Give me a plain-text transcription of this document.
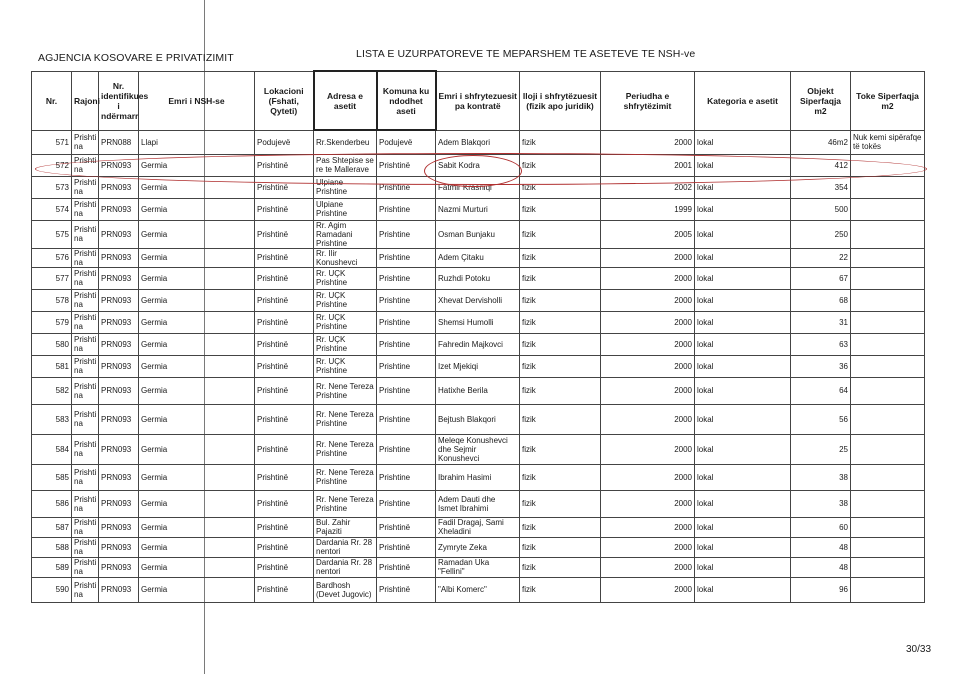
AGJENCIA KOSOVARE E PRIVATIZIMIT	LISTA E UZURPATOREVE TE MEPARSHEM TE ASETEVE TE NSH-ve
Nr.	Rajoni	Nr. identifikues i ndërmarr	Emri i NSH-se	Lokacioni (Fshati, Qyteti)	Adresa e asetit	Komuna ku ndodhet aseti	Emri i shfrytezuesit pa kontratë	lloji i shfrytëzuesit (fizik apo juridik)	Periudha e shfrytëzimit	Kategoria e asetit	Objekt Siperfaqja m2	Toke Siperfaqja m2
571	Prishti na	PRN088	Llapi	Podujevë	Rr.Skenderbeu	Podujevë	Adem Blakqori	fizik	2000	lokal	46m2	Nuk kemi sipërafqe të tokës
572	Prishti na	PRN093	Germia	Prishtinë	Pas Shtepise se re te Mallerave	Prishtinë	Sabit Kodra	fizik	2001	lokal	412	
573	Prishti na	PRN093	Germia	Prishtinë	Ulpiane Prishtine	Prishtine	Fatmir Krasniqi	fizik	2002	lokal	354	
574	Prishti na	PRN093	Germia	Prishtinë	Ulpiane Prishtine	Prishtine	Nazmi Murturi	fizik	1999	lokal	500	
575	Prishti na	PRN093	Germia	Prishtinë	Rr. Agim Ramadani Prishtine	Prishtine	Osman Bunjaku	fizik	2005	lokal	250	
576	Prishti na	PRN093	Germia	Prishtinë	Rr. Ilir Konushevci	Prishtine	Adem Çitaku	fizik	2000	lokal	22	
577	Prishti na	PRN093	Germia	Prishtinë	Rr. UÇK Prishtine	Prishtine	Ruzhdi Potoku	fizik	2000	lokal	67	
578	Prishti na	PRN093	Germia	Prishtinë	Rr. UÇK Prishtine	Prishtine	Xhevat Dervisholli	fizik	2000	lokal	68	
579	Prishti na	PRN093	Germia	Prishtinë	Rr. UÇK Prishtine	Prishtine	Shemsi Humolli	fizik	2000	lokal	31	
580	Prishti na	PRN093	Germia	Prishtinë	Rr. UÇK Prishtine	Prishtine	Fahredin Majkovci	fizik	2000	lokal	63	
581	Prishti na	PRN093	Germia	Prishtinë	Rr. UÇK Prishtine	Prishtine	Izet Mjekiqi	fizik	2000	lokal	36	
582	Prishti na	PRN093	Germia	Prishtinë	Rr. Nene Tereza Prishtine	Prishtine	Hatixhe Berila	fizik	2000	lokal	64	
583	Prishti na	PRN093	Germia	Prishtinë	Rr. Nene Tereza Prishtine	Prishtine	Bejtush Blakqori	fizik	2000	lokal	56	
584	Prishti na	PRN093	Germia	Prishtinë	Rr. Nene Tereza Prishtine	Prishtine	Meleqe Konushevci dhe Sejmir Konushevci	fizik	2000	lokal	25	
585	Prishti na	PRN093	Germia	Prishtinë	Rr. Nene Tereza Prishtine	Prishtine	Ibrahim Hasimi	fizik	2000	lokal	38	
586	Prishti na	PRN093	Germia	Prishtinë	Rr. Nene Tereza Prishtine	Prishtine	Adem Dauti dhe Ismet Ibrahimi	fizik	2000	lokal	38	
587	Prishti na	PRN093	Germia	Prishtinë	Bul. Zahir Pajaziti	Prishtinë	Fadil Dragaj, Sami Xheladini	fizik	2000	lokal	60	
588	Prishti na	PRN093	Germia	Prishtinë	Dardania Rr. 28 nentori	Prishtinë	Zymryte Zeka	fizik	2000	lokal	48	
589	Prishti na	PRN093	Germia	Prishtinë	Dardania Rr. 28 nentori	Prishtinë	Ramadan Uka "Fellini"	fizik	2000	lokal	48	
590	Prishti na	PRN093	Germia	Prishtinë	Bardhosh (Devet Jugovic)	Prishtinë	"Albi Komerc"	fizik	2000	lokal	96	
30/33
